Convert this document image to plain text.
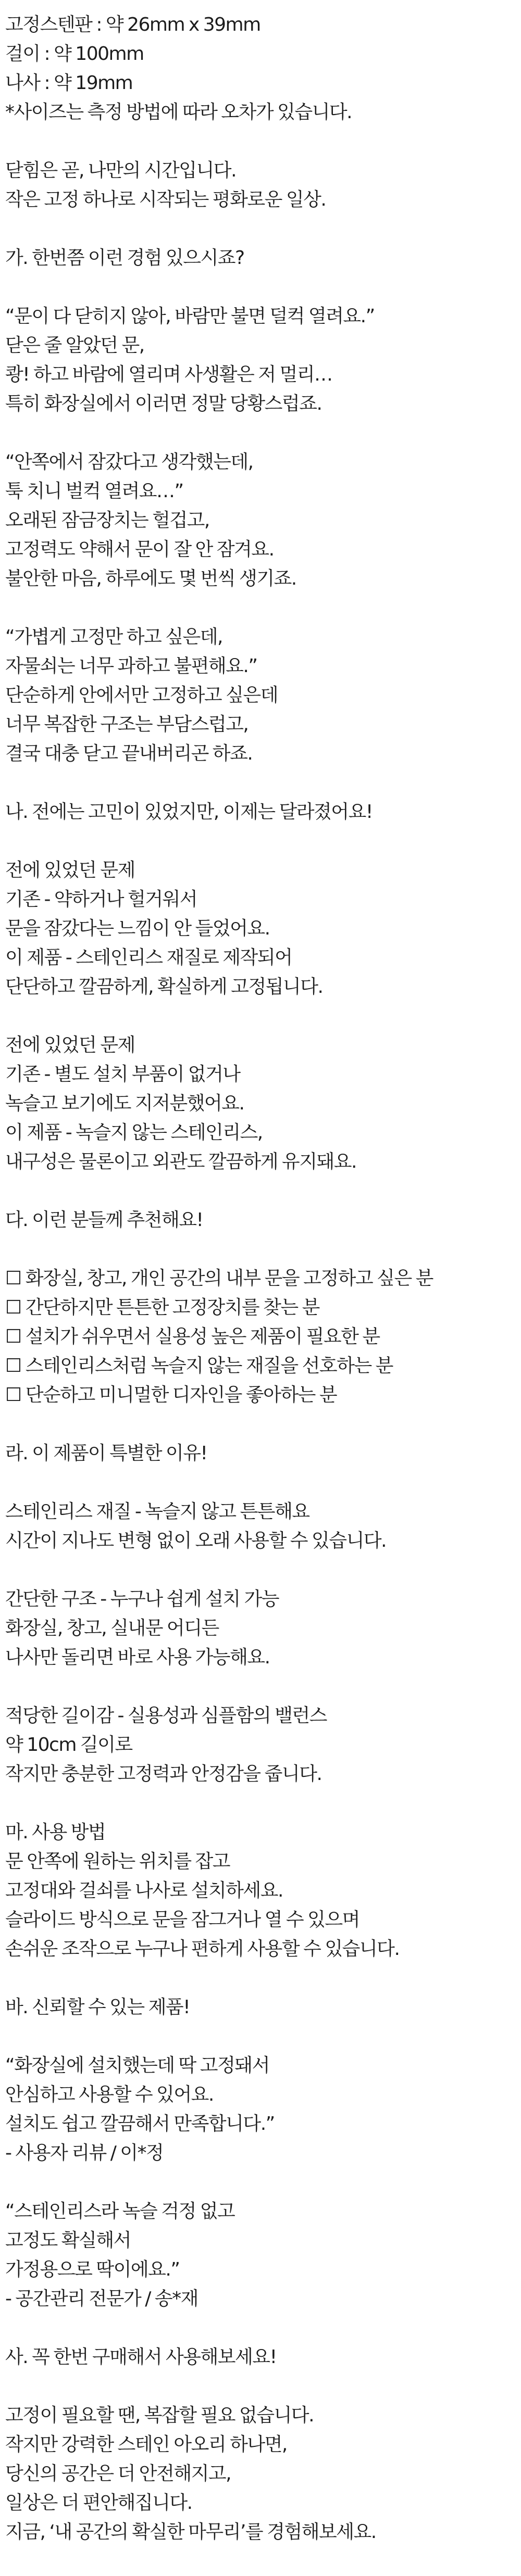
고정스텐판 : 약 26mm x 39mm
걸이 : 약 100mm
나사 : 약 19mm
*사이즈는 측정 방법에 따라 오차가 있습니다.
닫힘은 곧, 나만의 시간입니다.
작은 고정 하나로 시작되는 평화로운 일상.
가. 한번쯤 이런 경험 있으시죠?
“문이 다 닫히지 않아, 바람만 불면 덜컥 열려요.”
닫은 줄 알았던 문,
쾅! 하고 바람에 열리며 사생활은 저 멀리…
특히 화장실에서 이러면 정말 당황스럽죠.
“안쪽에서 잠갔다고 생각했는데,
툭 치니 벌컥 열려요…”
오래된 잠금장치는 헐겁고,
고정력도 약해서 문이 잘 안 잠겨요.
불안한 마음, 하루에도 몇 번씩 생기죠.
“가볍게 고정만 하고 싶은데,
자물쇠는 너무 과하고 불편해요.”
단순하게 안에서만 고정하고 싶은데
너무 복잡한 구조는 부담스럽고,
결국 대충 닫고 끝내버리곤 하죠.
나. 전에는 고민이 있었지만, 이제는 달라졌어요!
전에 있었던 문제
기존 - 약하거나 헐거워서
문을 잠갔다는 느낌이 안 들었어요.
이 제품 - 스테인리스 재질로 제작되어
단단하고 깔끔하게, 확실하게 고정됩니다.
전에 있었던 문제
기존 - 별도 설치 부품이 없거나
녹슬고 보기에도 지저분했어요.
이 제품 - 녹슬지 않는 스테인리스,
내구성은 물론이고 외관도 깔끔하게 유지돼요.
다. 이런 분들께 추천해요!
☐ 화장실, 창고, 개인 공간의 내부 문을 고정하고 싶은 분
☐ 간단하지만 튼튼한 고정장치를 찾는 분
☐ 설치가 쉬우면서 실용성 높은 제품이 필요한 분
☐ 스테인리스처럼 녹슬지 않는 재질을 선호하는 분
☐ 단순하고 미니멀한 디자인을 좋아하는 분
라. 이 제품이 특별한 이유!
스테인리스 재질 - 녹슬지 않고 튼튼해요
시간이 지나도 변형 없이 오래 사용할 수 있습니다.
간단한 구조 - 누구나 쉽게 설치 가능
화장실, 창고, 실내문 어디든
나사만 돌리면 바로 사용 가능해요.
적당한 길이감 - 실용성과 심플함의 밸런스
약 10cm 길이로
작지만 충분한 고정력과 안정감을 줍니다.
마. 사용 방법
문 안쪽에 원하는 위치를 잡고
고정대와 걸쇠를 나사로 설치하세요.
슬라이드 방식으로 문을 잠그거나 열 수 있으며
손쉬운 조작으로 누구나 편하게 사용할 수 있습니다.
바. 신뢰할 수 있는 제품!
“화장실에 설치했는데 딱 고정돼서
안심하고 사용할 수 있어요.
설치도 쉽고 깔끔해서 만족합니다.”
- 사용자 리뷰 / 이*정
“스테인리스라 녹슬 걱정 없고
고정도 확실해서
가정용으로 딱이에요.”
- 공간관리 전문가 / 송*재
사. 꼭 한번 구매해서 사용해보세요!
고정이 필요할 땐, 복잡할 필요 없습니다.
작지만 강력한 스테인 아오리 하나면,
당신의 공간은 더 안전해지고,
일상은 더 편안해집니다.
지금, ‘내 공간의 확실한 마무리’를 경험해보세요.
